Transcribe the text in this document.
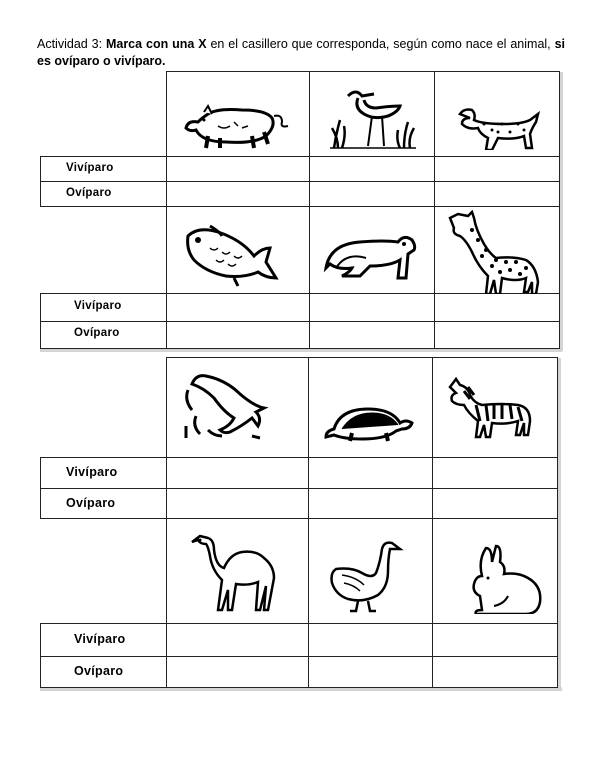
Actividad 3: Marca con una X en el casillero que corresponda, según como nace el animal, si es ovíparo o vivíparo.
Vivíparo
Ovíparo
Vivíparo
Ovíparo
Vivíparo
Ovíparo
Vivíparo
Ovíparo
